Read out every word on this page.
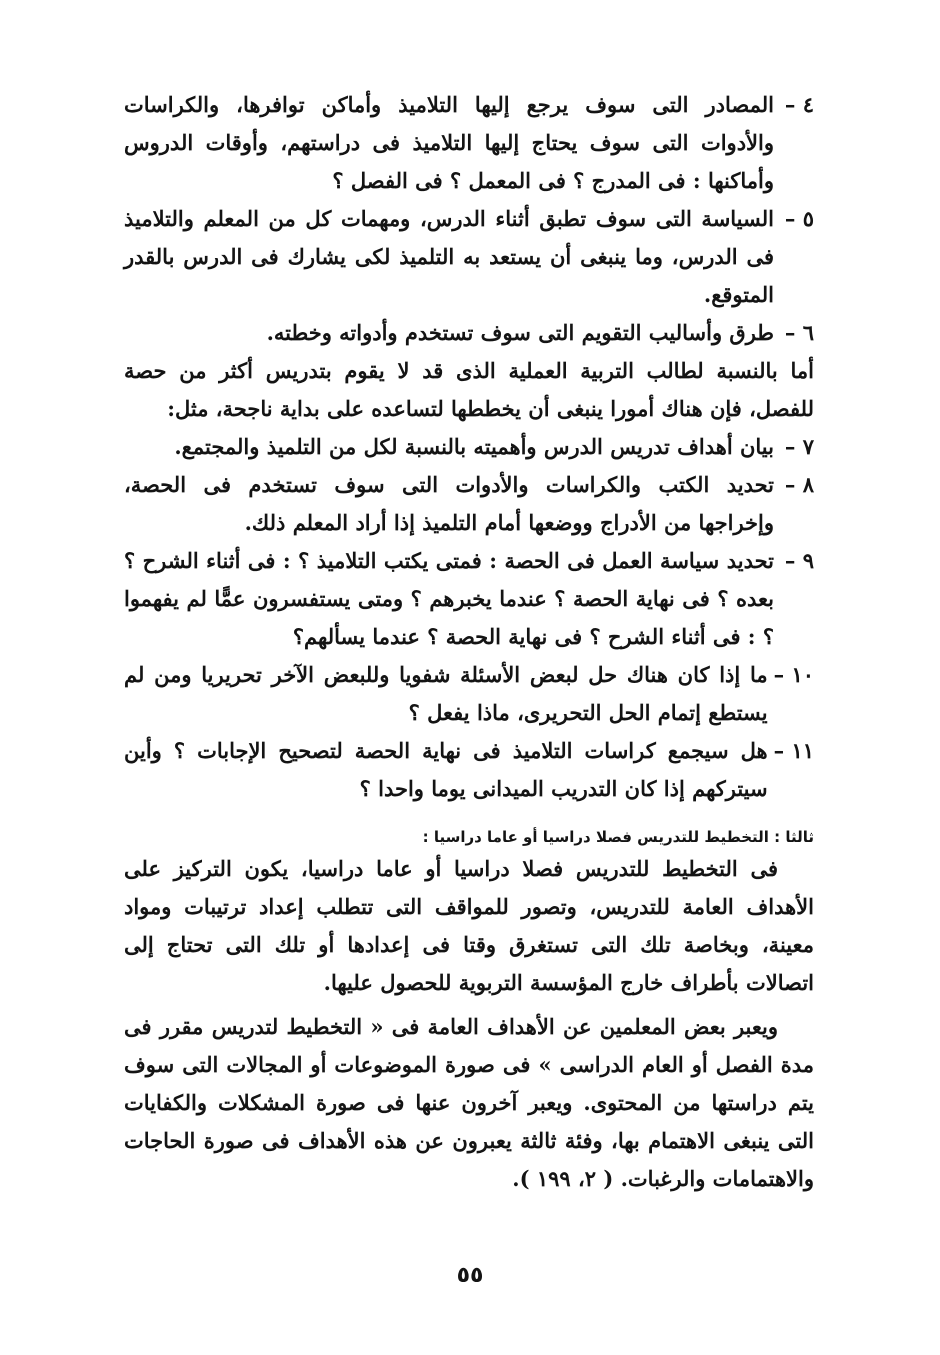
٤ –
المصادر التى سوف يرجع إليها التلاميذ وأماكن توافرها، والكراسات والأدوات التى سوف يحتاج إليها التلاميذ فى دراستهم، وأوقات الدروس وأماكنها : فى المدرج ؟ فى المعمل ؟ فى الفصل ؟
٥ –
السياسة التى سوف تطبق أثناء الدرس، ومهمات كل من المعلم والتلاميذ فى الدرس، وما ينبغى أن يستعد به التلميذ لكى يشارك فى الدرس بالقدر المتوقع.
٦ –
طرق وأساليب التقويم التى سوف تستخدم وأدواته وخطته.

أما بالنسبة لطالب التربية العملية الذى قد لا يقوم بتدريس أكثر من حصة للفصل، فإن هناك أمورا ينبغى أن يخططها لتساعده على بداية ناجحة، مثل:

٧ –
بيان أهداف تدريس الدرس وأهميته بالنسبة لكل من التلميذ والمجتمع.
٨ –
تحديد الكتب والكراسات والأدوات التى سوف تستخدم فى الحصة، وإخراجها من الأدراج ووضعها أمام التلميذ إذا أراد المعلم ذلك.
٩ –
تحديد سياسة العمل فى الحصة : فمتى يكتب التلاميذ ؟ : فى أثناء الشرح ؟ بعده ؟ فى نهاية الحصة ؟ عندما يخبرهم ؟ ومتى يستفسرون عمًّا لم يفهموا ؟ : فى أثناء الشرح ؟ فى نهاية الحصة ؟ عندما يسألهم؟
١٠ –
ما إذا كان هناك حل لبعض الأسئلة شفويا وللبعض الآخر تحريريا ومن لم يستطع إتمام الحل التحريرى، ماذا يفعل ؟
١١ –
هل سيجمع كراسات التلاميذ فى نهاية الحصة لتصحيح الإجابات ؟ وأين سيتركهم إذا كان التدريب الميدانى يوما واحدا ؟
ثالثا : التخطيط للتدريس فصلا دراسيا أو عاما دراسيا :

فى التخطيط للتدريس فصلا دراسيا أو عاما دراسيا، يكون التركيز على الأهداف العامة للتدريس، وتصور للمواقف التى تتطلب إعداد ترتيبات ومواد معينة، وبخاصة تلك التى تستغرق وقتا فى إعدادها أو تلك التى تحتاج إلى اتصالات بأطراف خارج المؤسسة التربوية للحصول عليها.

ويعبر بعض المعلمين عن الأهداف العامة فى « التخطيط لتدريس مقرر فى مدة الفصل أو العام الدراسى » فى صورة الموضوعات أو المجالات التى سوف يتم دراستها من المحتوى. ويعبر آخرون عنها فى صورة المشكلات والكفايات التى ينبغى الاهتمام بها، وفئة ثالثة يعبرون عن هذه الأهداف فى صورة الحاجات والاهتمامات والرغبات. ( ٢، ١٩٩ ).

٥٥
